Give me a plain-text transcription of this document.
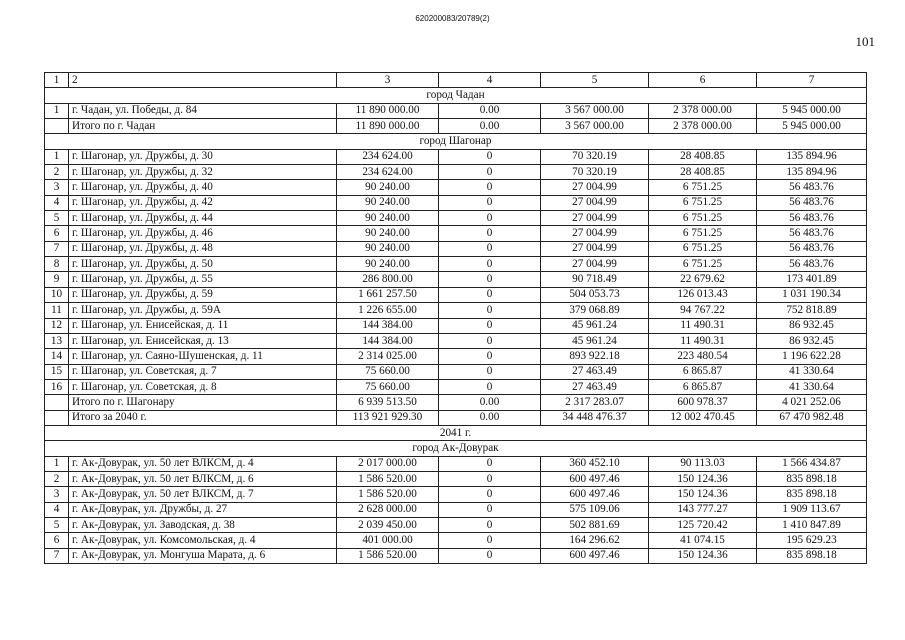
620200083/20789(2)
101
1	2	3	4	5	6	7
город Чадан						
1	г. Чадан, ул. Победы, д. 84	11 890 000.00	0.00	3 567 000.00	2 378 000.00	5 945 000.00
	Итого по г. Чадан	11 890 000.00	0.00	3 567 000.00	2 378 000.00	5 945 000.00
город Шагонар						
1	г. Шагонар, ул. Дружбы, д. 30	234 624.00	0	70 320.19	28 408.85	135 894.96
2	г. Шагонар, ул. Дружбы, д. 32	234 624.00	0	70 320.19	28 408.85	135 894.96
3	г. Шагонар, ул. Дружбы, д. 40	90 240.00	0	27 004.99	6 751.25	56 483.76
4	г. Шагонар, ул. Дружбы, д. 42	90 240.00	0	27 004.99	6 751.25	56 483.76
5	г. Шагонар, ул. Дружбы, д. 44	90 240.00	0	27 004.99	6 751.25	56 483.76
6	г. Шагонар, ул. Дружбы, д. 46	90 240.00	0	27 004.99	6 751.25	56 483.76
7	г. Шагонар, ул. Дружбы, д. 48	90 240.00	0	27 004.99	6 751.25	56 483.76
8	г. Шагонар, ул. Дружбы, д. 50	90 240.00	0	27 004.99	6 751.25	56 483.76
9	г. Шагонар, ул. Дружбы, д. 55	286 800.00	0	90 718.49	22 679.62	173 401.89
10	г. Шагонар, ул. Дружбы, д. 59	1 661 257.50	0	504 053.73	126 013.43	1 031 190.34
11	г. Шагонар, ул. Дружбы, д. 59А	1 226 655.00	0	379 068.89	94 767.22	752 818.89
12	г. Шагонар, ул. Енисейская, д. 11	144 384.00	0	45 961.24	11 490.31	86 932.45
13	г. Шагонар, ул. Енисейская, д. 13	144 384.00	0	45 961.24	11 490.31	86 932.45
14	г. Шагонар, ул. Саяно-Шушенская, д. 11	2 314 025.00	0	893 922.18	223 480.54	1 196 622.28
15	г. Шагонар, ул. Советская, д. 7	75 660.00	0	27 463.49	6 865.87	41 330.64
16	г. Шагонар, ул. Советская, д. 8	75 660.00	0	27 463.49	6 865.87	41 330.64
	Итого по г. Шагонару	6 939 513.50	0.00	2 317 283.07	600 978.37	4 021 252.06
	Итого за 2040 г.	113 921 929.30	0.00	34 448 476.37	12 002 470.45	67 470 982.48
2041 г.						
город Ак-Довурак						
1	г. Ак-Довурак, ул. 50 лет ВЛКСМ, д. 4	2 017 000.00	0	360 452.10	90 113.03	1 566 434.87
2	г. Ак-Довурак, ул. 50 лет ВЛКСМ, д. 6	1 586 520.00	0	600 497.46	150 124.36	835 898.18
3	г. Ак-Довурак, ул. 50 лет ВЛКСМ, д. 7	1 586 520.00	0	600 497.46	150 124.36	835 898.18
4	г. Ак-Довурак, ул. Дружбы, д. 27	2 628 000.00	0	575 109.06	143 777.27	1 909 113.67
5	г. Ак-Довурак, ул. Заводская, д. 38	2 039 450.00	0	502 881.69	125 720.42	1 410 847.89
6	г. Ак-Довурак, ул. Комсомольская, д. 4	401 000.00	0	164 296.62	41 074.15	195 629.23
7	г. Ак-Довурак, ул. Монгуша Марата, д. 6	1 586 520.00	0	600 497.46	150 124.36	835 898.18
